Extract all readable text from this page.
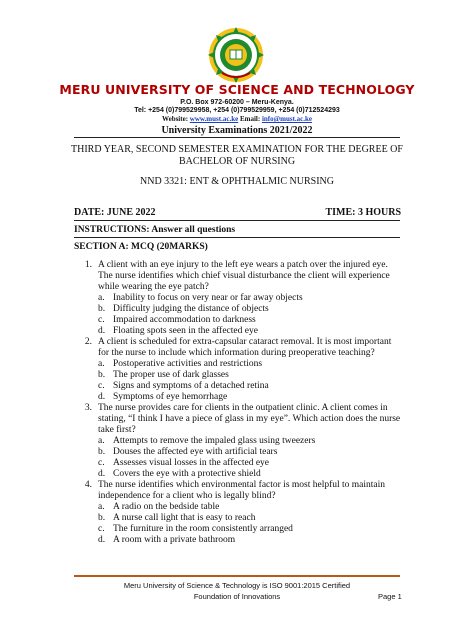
MERU UNIVERSITY OF SCIENCE AND TECHNOLOGY
P.O. Box 972-60200 – Meru-Kenya.
Tel: +254 (0)799529958, +254 (0)799529959, +254 (0)712524293
Website: www.must.ac.ke Email: info@must.ac.ke
University Examinations 2021/2022
THIRD YEAR, SECOND SEMESTER EXAMINATION FOR THE DEGREE OF
BACHELOR OF NURSING
NND 3321: ENT & OPHTHALMIC NURSING
DATE: JUNE 2022	TIME: 3 HOURS
INSTRUCTIONS: Answer all questions
SECTION A: MCQ (20MARKS)
1. A client with an eye injury to the left eye wears a patch over the injured eye. The nurse identifies which chief visual disturbance the client will experience while wearing the eye patch?
a. Inability to focus on very near or far away objects
b. Difficulty judging the distance of objects
c. Impaired accommodation to darkness
d. Floating spots seen in the affected eye
2. A client is scheduled for extra-capsular cataract removal. It is most important for the nurse to include which information during preoperative teaching?
a. Postoperative activities and restrictions
b. The proper use of dark glasses
c. Signs and symptoms of a detached retina
d. Symptoms of eye hemorrhage
3. The nurse provides care for clients in the outpatient clinic. A client comes in stating, “I think I have a piece of glass in my eye”. Which action does the nurse take first?
a. Attempts to remove the impaled glass using tweezers
b. Douses the affected eye with artificial tears
c. Assesses visual losses in the affected eye
d. Covers the eye with a protective shield
4. The nurse identifies which environmental factor is most helpful to maintain independence for a client who is legally blind?
a. A radio on the bedside table
b. A nurse call light that is easy to reach
c. The furniture in the room consistently arranged
d. A room with a private bathroom
Meru University of Science & Technology is ISO 9001:2015 Certified
Foundation of Innovations	Page 1
